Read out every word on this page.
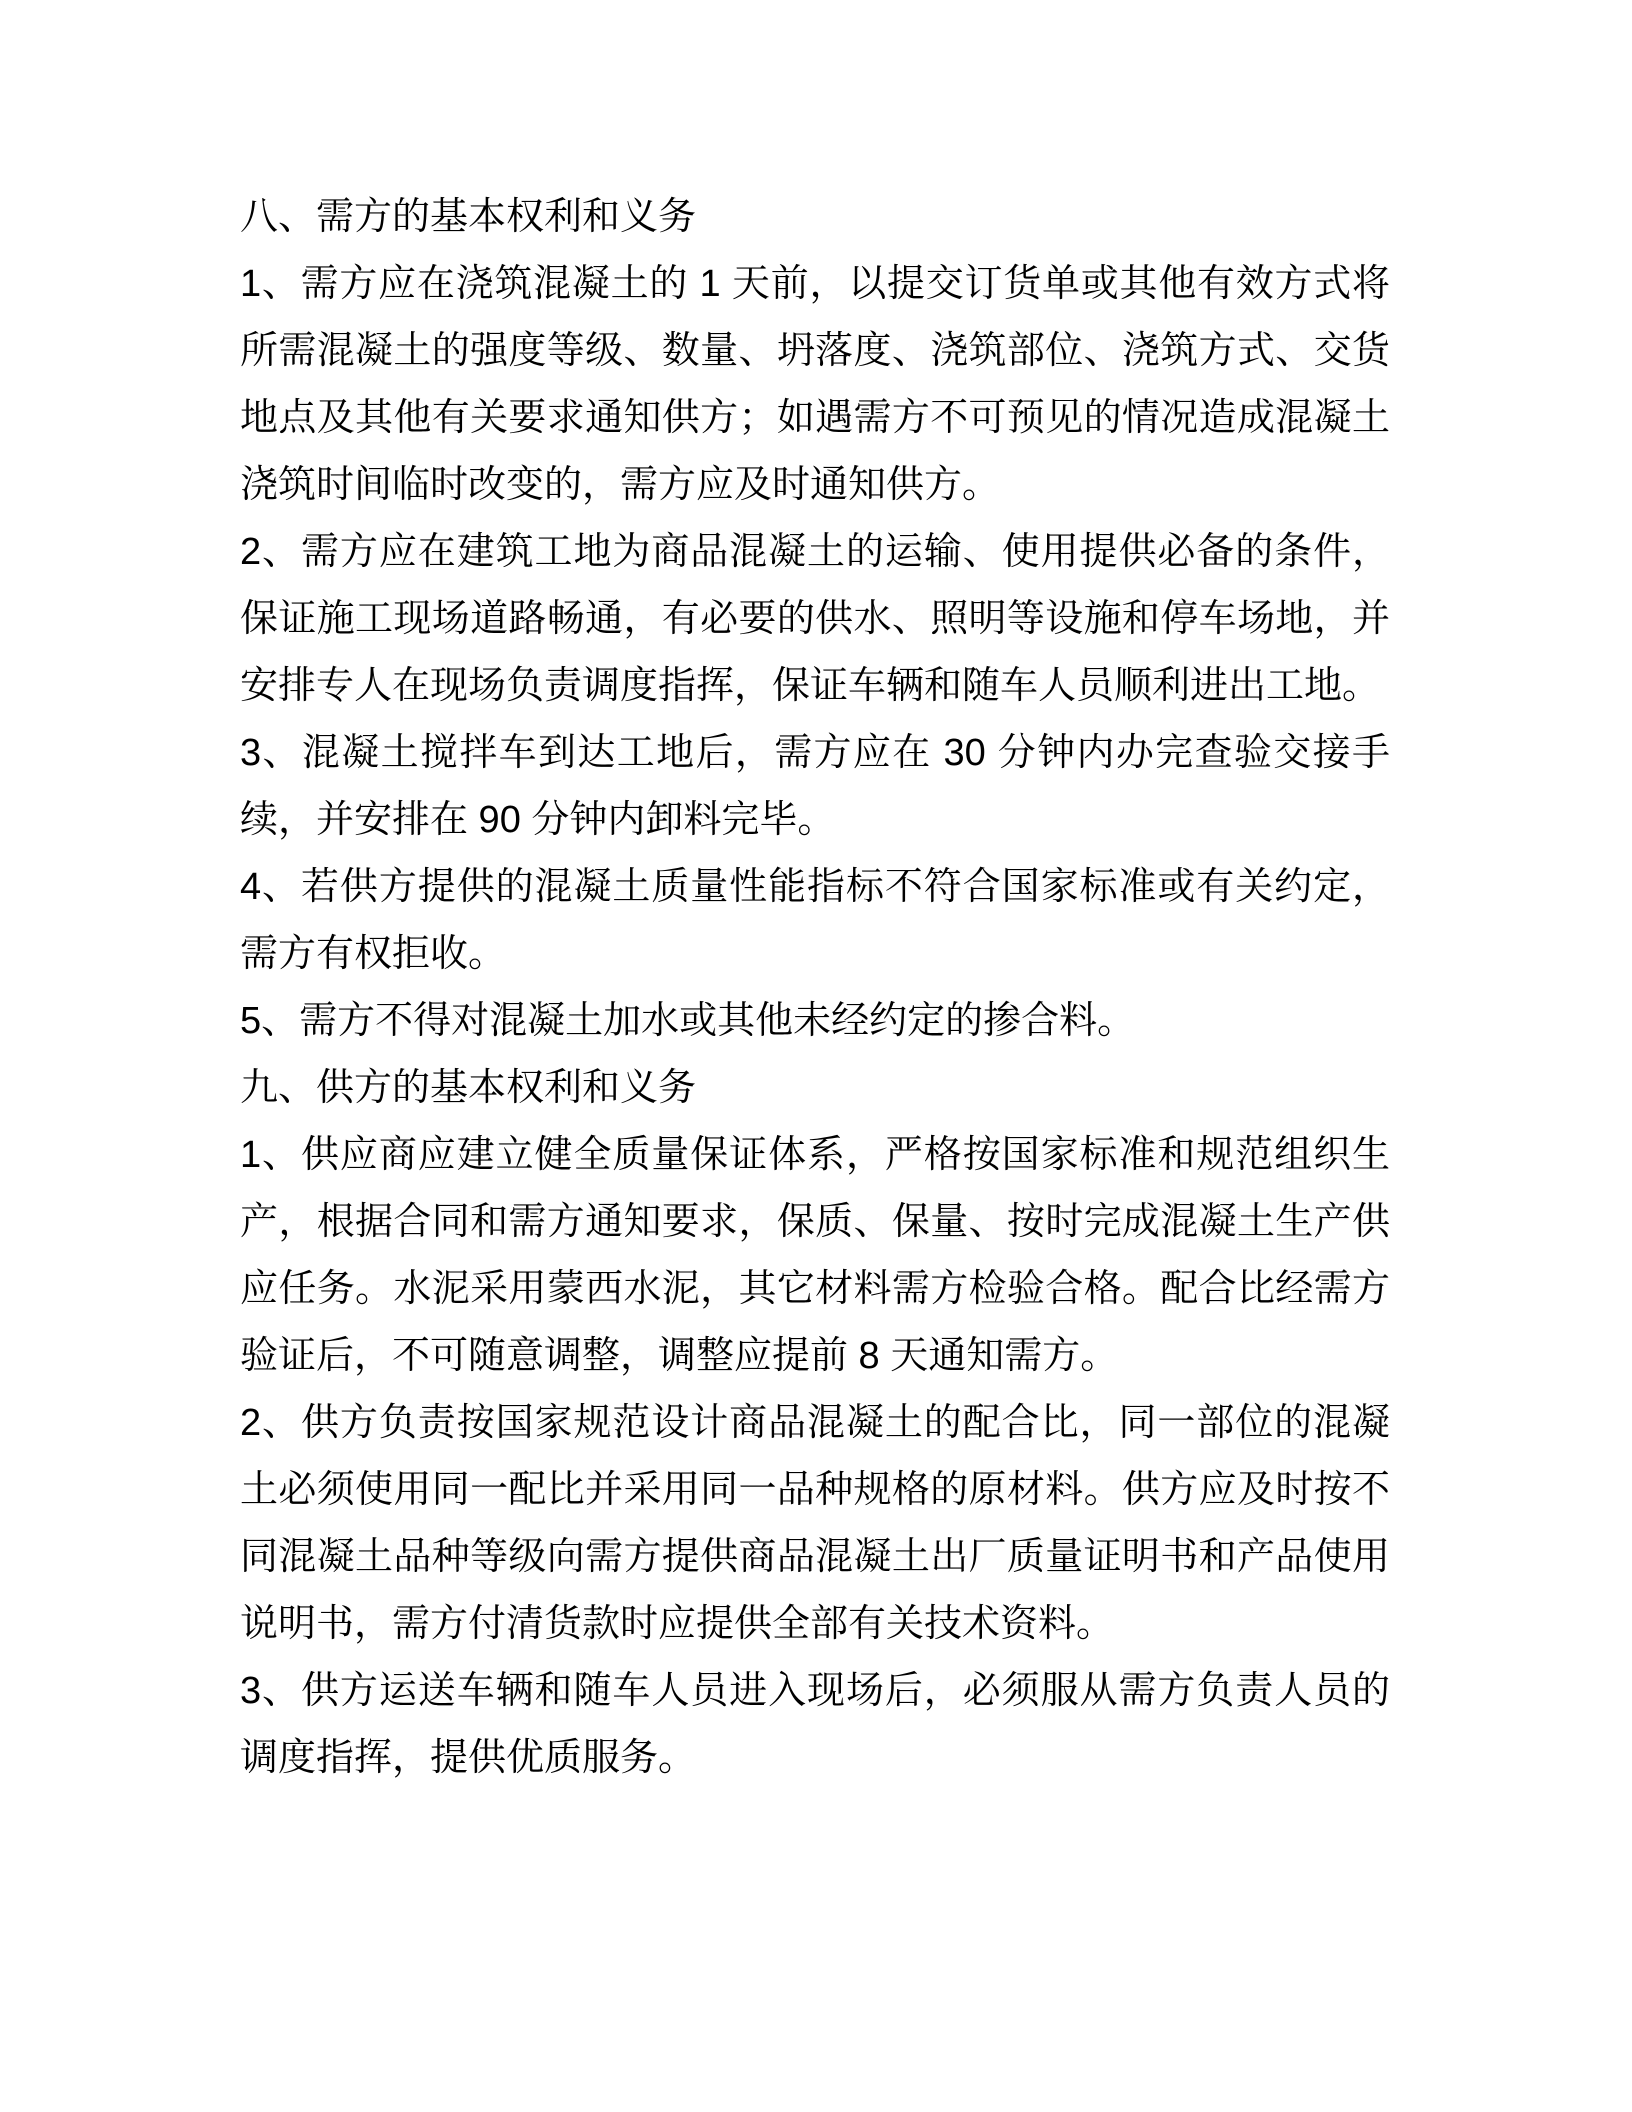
八、需方的基本权利和义务

1、需方应在浇筑混凝土的 1 天前，以提交订货单或其他有效方式将所需混凝土的强度等级、数量、坍落度、浇筑部位、浇筑方式、交货地点及其他有关要求通知供方；如遇需方不可预见的情况造成混凝土浇筑时间临时改变的，需方应及时通知供方。

2、需方应在建筑工地为商品混凝土的运输、使用提供必备的条件，保证施工现场道路畅通，有必要的供水、照明等设施和停车场地，并安排专人在现场负责调度指挥，保证车辆和随车人员顺利进出工地。

3、混凝土搅拌车到达工地后，需方应在 30 分钟内办完查验交接手续，并安排在 90 分钟内卸料完毕。

4、若供方提供的混凝土质量性能指标不符合国家标准或有关约定，需方有权拒收。

5、需方不得对混凝土加水或其他未经约定的掺合料。

九、供方的基本权利和义务

1、供应商应建立健全质量保证体系，严格按国家标准和规范组织生产，根据合同和需方通知要求，保质、保量、按时完成混凝土生产供应任务。水泥采用蒙西水泥，其它材料需方检验合格。配合比经需方验证后，不可随意调整，调整应提前 8 天通知需方。

2、供方负责按国家规范设计商品混凝土的配合比，同一部位的混凝土必须使用同一配比并采用同一品种规格的原材料。供方应及时按不同混凝土品种等级向需方提供商品混凝土出厂质量证明书和产品使用说明书，需方付清货款时应提供全部有关技术资料。

3、供方运送车辆和随车人员进入现场后，必须服从需方负责人员的调度指挥，提供优质服务。
